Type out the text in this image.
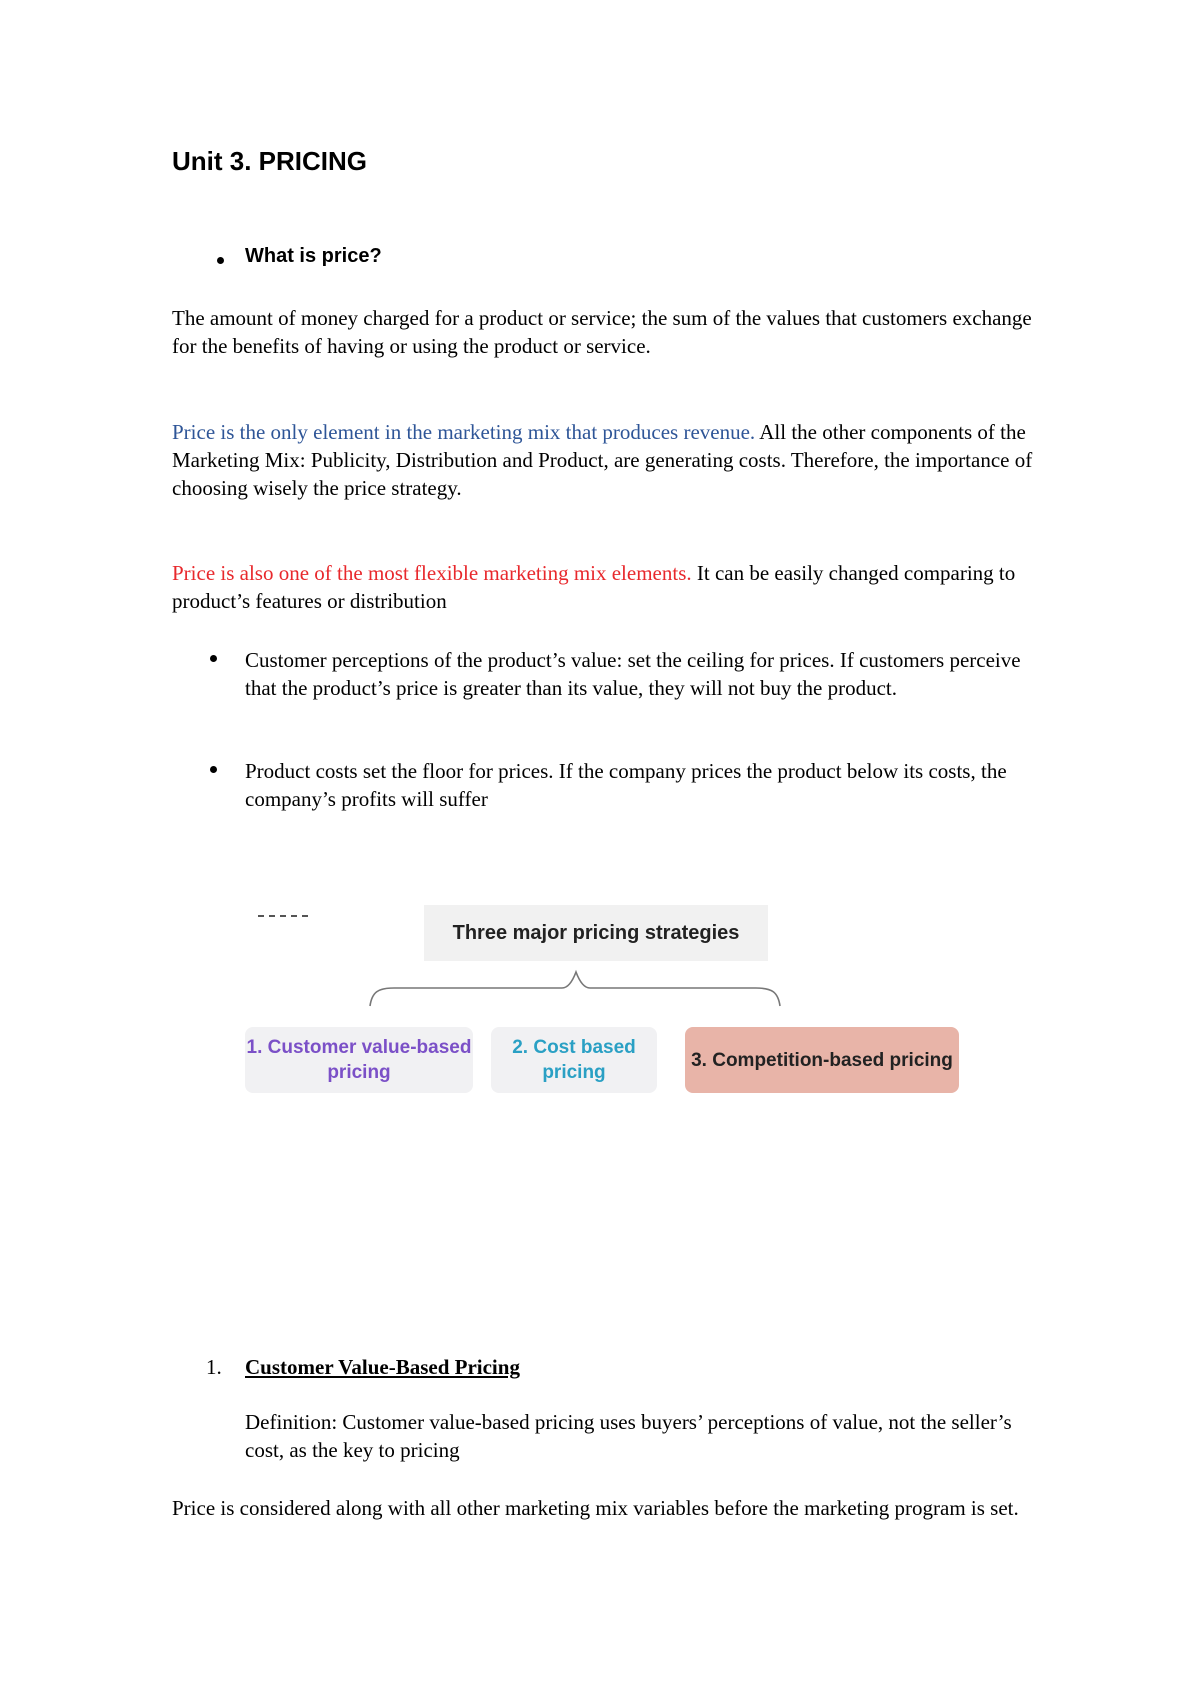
Unit 3. PRICING
What is price?
The amount of money charged for a product or service; the sum of the values that customers exchange for the benefits of having or using the product or service.
Price is the only element in the marketing mix that produces revenue. All the other components of the Marketing Mix: Publicity, Distribution and Product, are generating costs. Therefore, the importance of choosing wisely the price strategy.
Price is also one of the most flexible marketing mix elements. It can be easily changed comparing to product’s features or distribution
Customer perceptions of the product’s value: set the ceiling for prices. If customers perceive that the product’s price is greater than its value, they will not buy the product.
Product costs set the floor for prices. If the company prices the product below its costs, the company’s profits will suffer
Three major pricing strategies
1. Customer value-based pricing
2. Cost based pricing
3. Competition-based pricing
1. Customer Value-Based Pricing
Definition: Customer value-based pricing uses buyers’ perceptions of value, not the seller’s cost, as the key to pricing
Price is considered along with all other marketing mix variables before the marketing program is set.
